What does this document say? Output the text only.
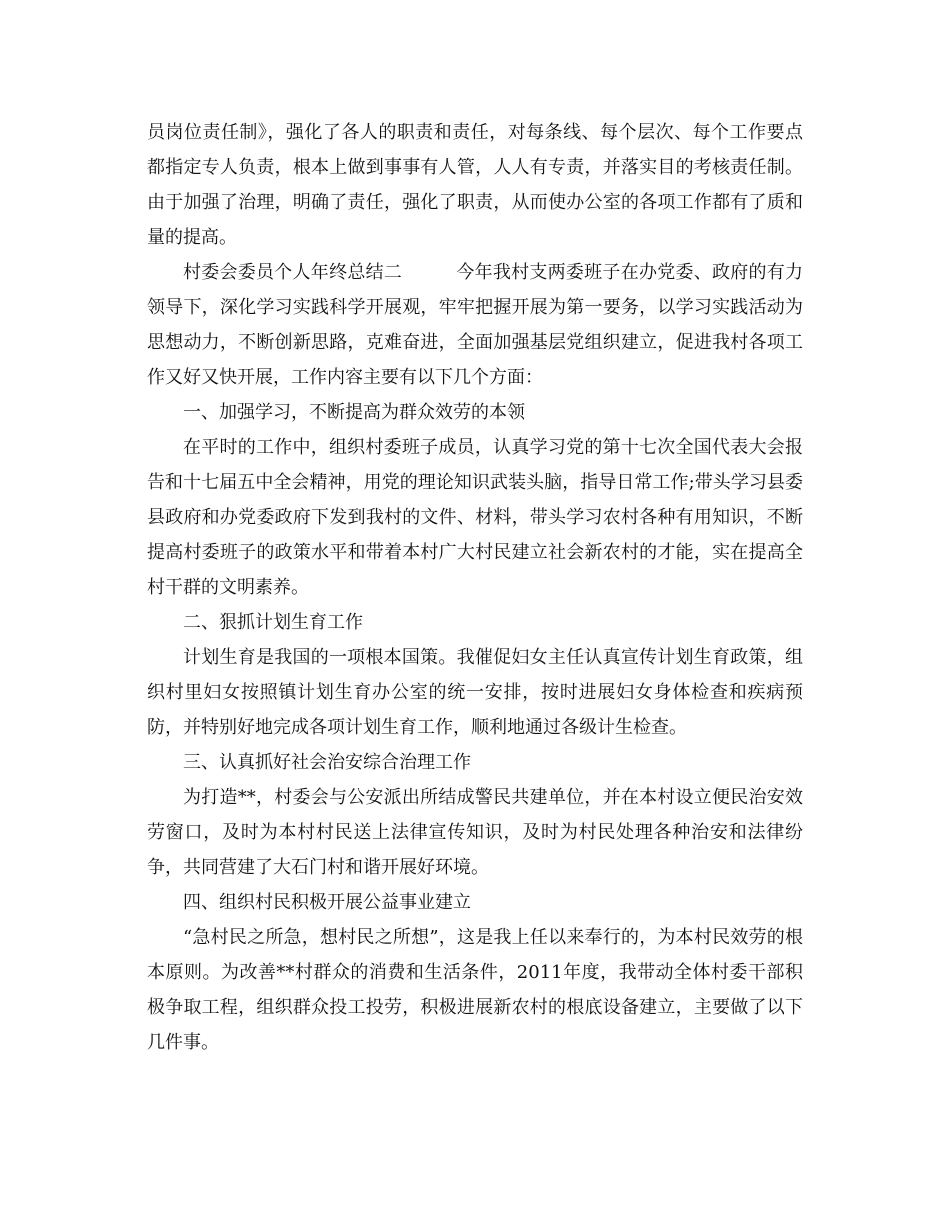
员岗位责任制》，强化了各人的职责和责任，对每条线、每个层次、每个工作要点都指定专人负责，根本上做到事事有人管，人人有专责，并落实目的考核责任制。由于加强了治理，明确了责任，强化了职责，从而使办公室的各项工作都有了质和量的提高。

村委会委员个人年终总结二	今年我村支两委班子在办党委、政府的有力领导下，深化学习实践科学开展观，牢牢把握开展为第一要务，以学习实践活动为思想动力，不断创新思路，克难奋进，全面加强基层党组织建立，促进我村各项工作又好又快开展，工作内容主要有以下几个方面：

一、加强学习，不断提高为群众效劳的本领

在平时的工作中，组织村委班子成员，认真学习党的第十七次全国代表大会报告和十七届五中全会精神，用党的理论知识武装头脑，指导日常工作;带头学习县委县政府和办党委政府下发到我村的文件、材料，带头学习农村各种有用知识，不断提高村委班子的政策水平和带着本村广大村民建立社会新农村的才能，实在提高全村干群的文明素养。

二、狠抓计划生育工作

计划生育是我国的一项根本国策。我催促妇女主任认真宣传计划生育政策，组织村里妇女按照镇计划生育办公室的统一安排，按时进展妇女身体检查和疾病预防，并特别好地完成各项计划生育工作，顺利地通过各级计生检查。

三、认真抓好社会治安综合治理工作

为打造**，村委会与公安派出所结成警民共建单位，并在本村设立便民治安效劳窗口，及时为本村村民送上法律宣传知识，及时为村民处理各种治安和法律纷争，共同营建了大石门村和谐开展好环境。

四、组织村民积极开展公益事业建立

“急村民之所急，想村民之所想”，这是我上任以来奉行的，为本村民效劳的根本原则。为改善**村群众的消费和生活条件，2011年度，我带动全体村委干部积极争取工程，组织群众投工投劳，积极进展新农村的根底设备建立，主要做了以下几件事。
